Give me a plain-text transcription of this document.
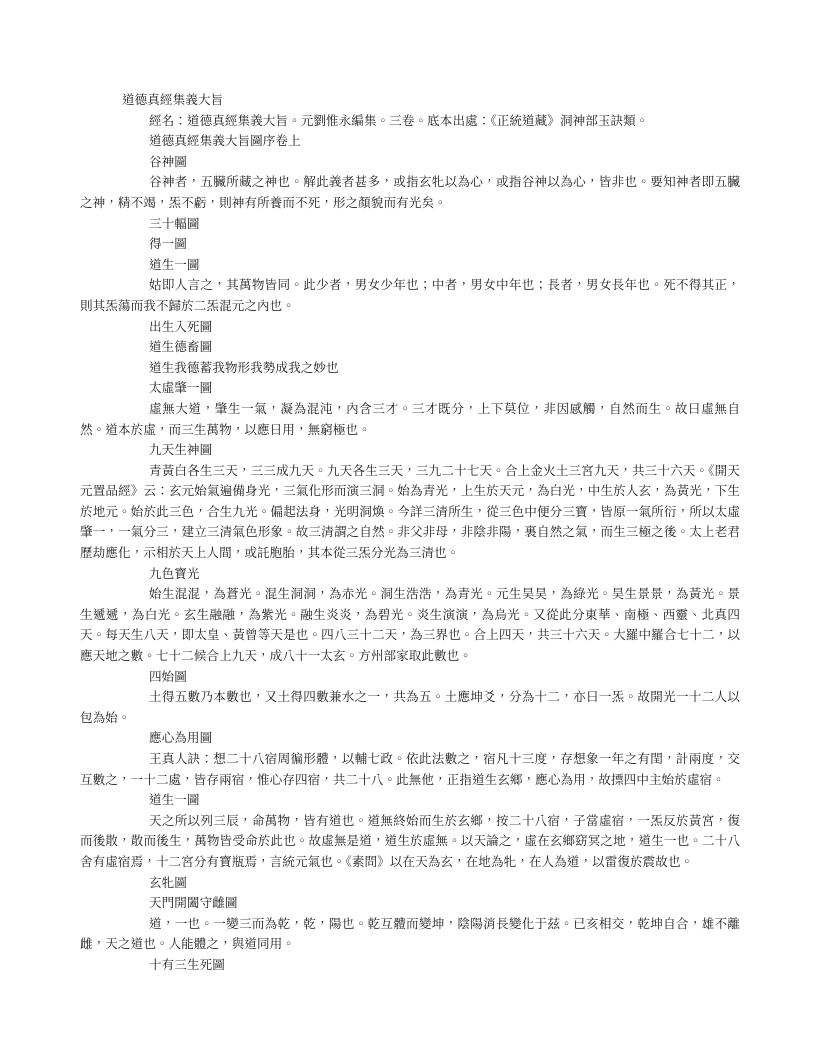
道德真經集義大旨

經名：道德真經集義大旨。元劉惟永編集。三卷。底本出處：《正統道藏》洞神部玉訣類。

道德真經集義大旨圖序卷上

谷神圖

谷神者，五臟所藏之神也。解此義者甚多，或指玄牝以為心，或指谷神以為心，皆非也。要知神者即五臟之神，精不竭，炁不虧，則神有所養而不死，形之顏貌而有光矣。

三十輻圖

得一圖

道生一圖

姑即人言之，其萬物皆同。此少者，男女少年也；中者，男女中年也；長者，男女長年也。死不得其正，則其炁蕩而我不歸於二炁混元之內也。

出生入死圖

道生德畜圖

道生我德蓄我物形我勢成我之妙也

太虛肇一圖

虛無大道，肇生一氣，凝為混沌，內含三才。三才既分，上下莫位，非因感觸，自然而生。故曰虛無自然。道本於虛，而三生萬物，以應日用，無窮極也。

九天生神圖

青黃白各生三天，三三成九天。九天各生三天，三九二十七天。合上金火土三宮九天，共三十六天。《開天元置品經》云：玄元始氣遍備身光，三氣化形而演三洞。始為青光，上生於天元，為白光，中生於人玄，為黃光，下生於地元。始於此三色，合生九光。偏起法身，光明洞煥。今詳三清所生，從三色中便分三寶，皆原一氣所衍，所以太虛肇一，一氣分三，建立三清氣色形象。故三清謂之自然。非父非母，非陰非陽，裏自然之氣，而生三極之後。太上老君歷劫應化，示相於天上人間，或託胞胎，其本從三炁分光為三清也。

九色寶光

始生混混，為蒼光。混生洞洞，為赤光。洞生浩浩，為青光。元生昊昊，為綠光。昊生景景，為黃光。景生遞遞，為白光。玄生融融，為紫光。融生炎炎，為碧光。炎生演演，為烏光。又從此分東華、南極、西靈、北真四天。每天生八天，即太皇、黃曾等天是也。四八三十二天，為三界也。合上四天，共三十六天。大羅中羅合七十二，以應天地之數。七十二候合上九天，成八十一太玄。方州部家取此數也。

四始圖

土得五數乃本數也，又土得四數兼水之一，共為五。土應坤爻，分為十二，亦曰一炁。故開光一十二人以包為始。

應心為用圖

王真人訣：想二十八宿周徧形體，以輔七政。依此法數之，宿凡十三度，存想象一年之有閏，計兩度，交互數之，一十二處，皆存兩宿，惟心存四宿，共二十八。此無他，正指道生玄鄉，應心為用，故摽四中主始於虛宿。

道生一圖

天之所以列三辰，命萬物，皆有道也。道無終始而生於玄鄉，按二十八宿，子當虛宿，一炁反於黃宮，復而後散，散而後生，萬物皆受命於此也。故虛無是道，道生於虛無。以天論之，虛在玄鄉窈冥之地，道生一也。二十八舍有虛宿焉，十二宮分有寶瓶焉，言統元氣也。《素問》以在天為玄，在地為牝，在人為道，以雷復於震故也。

玄牝圖

天門開闔守雌圖

道，一也。一變三而為乾，乾，陽也。乾互體而變坤，陰陽消長變化于茲。已亥相交，乾坤自合，雄不離雌，天之道也。人能體之，與道同用。

十有三生死圖
